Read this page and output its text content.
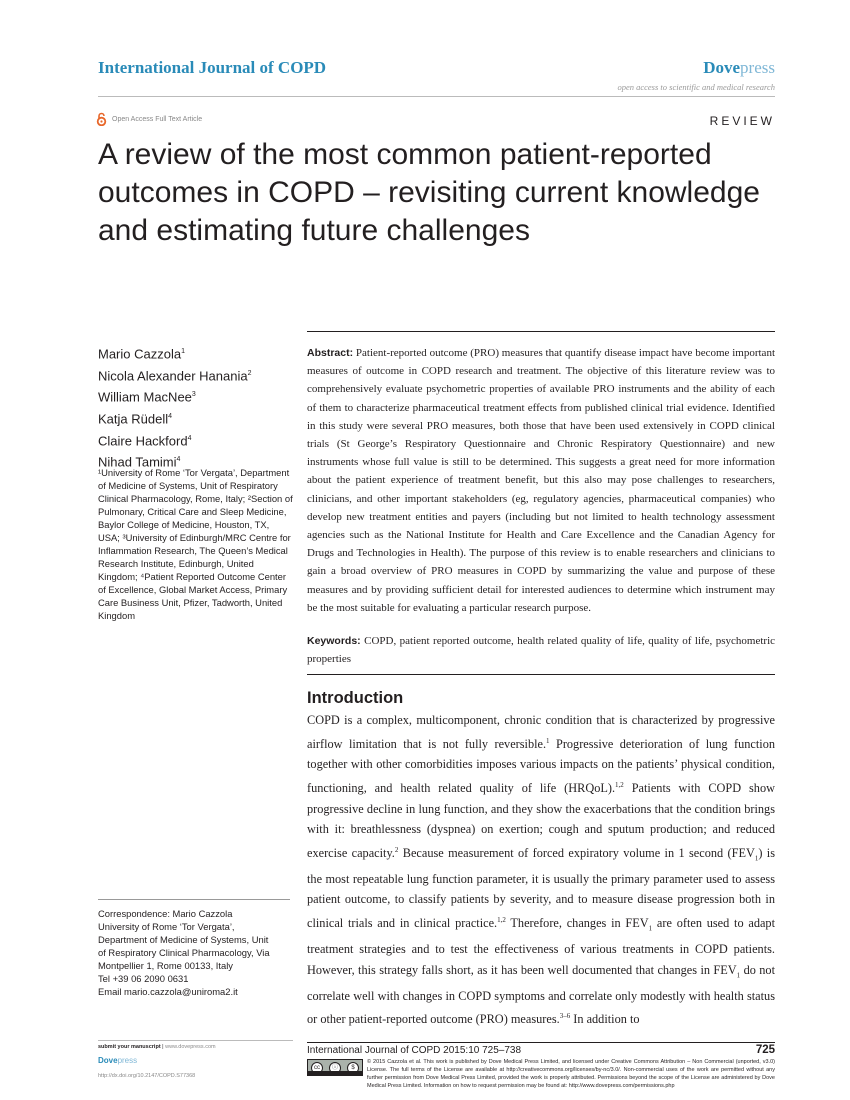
International Journal of COPD	Dovepress
open access to scientific and medical research
Open Access Full Text Article	REVIEW
A review of the most common patient-reported outcomes in COPD – revisiting current knowledge and estimating future challenges
Mario Cazzola$^1$
Nicola Alexander Hanania$^2$
William MacNee$^3$
Katja Rüdell$^4$
Claire Hackford$^4$
Nihad Tamimi$^4$
¹University of Rome ‘Tor Vergata’, Department of Medicine of Systems, Unit of Respiratory Clinical Pharmacology, Rome, Italy; ²Section of Pulmonary, Critical Care and Sleep Medicine, Baylor College of Medicine, Houston, TX, USA; ³University of Edinburgh/MRC Centre for Inflammation Research, The Queen’s Medical Research Institute, Edinburgh, United Kingdom; ⁴Patient Reported Outcome Center of Excellence, Global Market Access, Primary Care Business Unit, Pfizer, Tadworth, United Kingdom
Correspondence: Mario Cazzola
University of Rome ‘Tor Vergata’,
Department of Medicine of Systems, Unit
of Respiratory Clinical Pharmacology, Via
Montpellier 1, Rome 00133, Italy
Tel +39 06 2090 0631
Email mario.cazzola@uniroma2.it
Abstract: Patient-reported outcome (PRO) measures that quantify disease impact have become important measures of outcome in COPD research and treatment. The objective of this literature review was to comprehensively evaluate psychometric properties of available PRO instruments and the ability of each of them to characterize pharmaceutical treatment effects from published clinical trial evidence. Identified in this study were several PRO measures, both those that have been used extensively in COPD clinical trials (St George’s Respiratory Questionnaire and Chronic Respiratory Questionnaire) and new instruments whose full value is still to be determined. This suggests a great need for more information about the patient experience of treatment benefit, but this also may pose challenges to researchers, clinicians, and other important stakeholders (eg, regulatory agencies, pharmaceutical companies) who develop new treatment entities and payers (including but not limited to health technology assessment agencies such as the National Institute for Health and Care Excellence and the Canadian Agency for Drugs and Technologies in Health). The purpose of this review is to enable researchers and clinicians to gain a broad overview of PRO measures in COPD by summarizing the value and purpose of these measures and by providing sufficient detail for interested audiences to determine which instrument may be the most suitable for evaluating a particular research purpose.
Keywords: COPD, patient reported outcome, health related quality of life, quality of life, psychometric properties
Introduction
COPD is a complex, multicomponent, chronic condition that is characterized by progressive airflow limitation that is not fully reversible.$^1$ Progressive deterioration of lung function together with other comorbidities imposes various impacts on the patients’ physical condition, functioning, and health related quality of life (HRQoL).$^{1,2}$ Patients with COPD show progressive decline in lung function, and they show the exacerbations that the condition brings with it: breathlessness (dyspnea) on exertion; cough and sputum production; and reduced exercise capacity.$^2$ Because measurement of forced expiratory volume in 1 second $(FEV_1)$ is the most repeatable lung function parameter, it is usually the primary parameter used to assess patient outcome, to classify patients by severity, and to measure disease progression both in clinical trials and in clinical practice.$^{1,2}$ Therefore, changes in $FEV_1$ are often used to adapt treatment strategies and to test the effectiveness of various treatments in COPD patients. However, this strategy falls short, as it has been well documented that changes in $FEV_1$ do not correlate well with changes in COPD symptoms and correlate only modestly with health status or other patient-reported outcome (PRO) measures.$^{3-6}$ In addition to
submit your manuscript | www.dovepress.com
Dovepress
http://dx.doi.org/10.2147/COPD.S77368
International Journal of COPD 2015:10 725–738	725
cc	ⓘ	$
© 2015 Cazzola et al. This work is published by Dove Medical Press Limited, and licensed under Creative Commons Attribution – Non Commercial (unported, v3.0) License. The full terms of the License are available at http://creativecommons.org/licenses/by-nc/3.0/. Non-commercial uses of the work are permitted without any further permission from Dove Medical Press Limited, provided the work is properly attributed. Permissions beyond the scope of the License are administered by Dove Medical Press Limited. Information on how to request permission may be found at: http://www.dovepress.com/permissions.php
